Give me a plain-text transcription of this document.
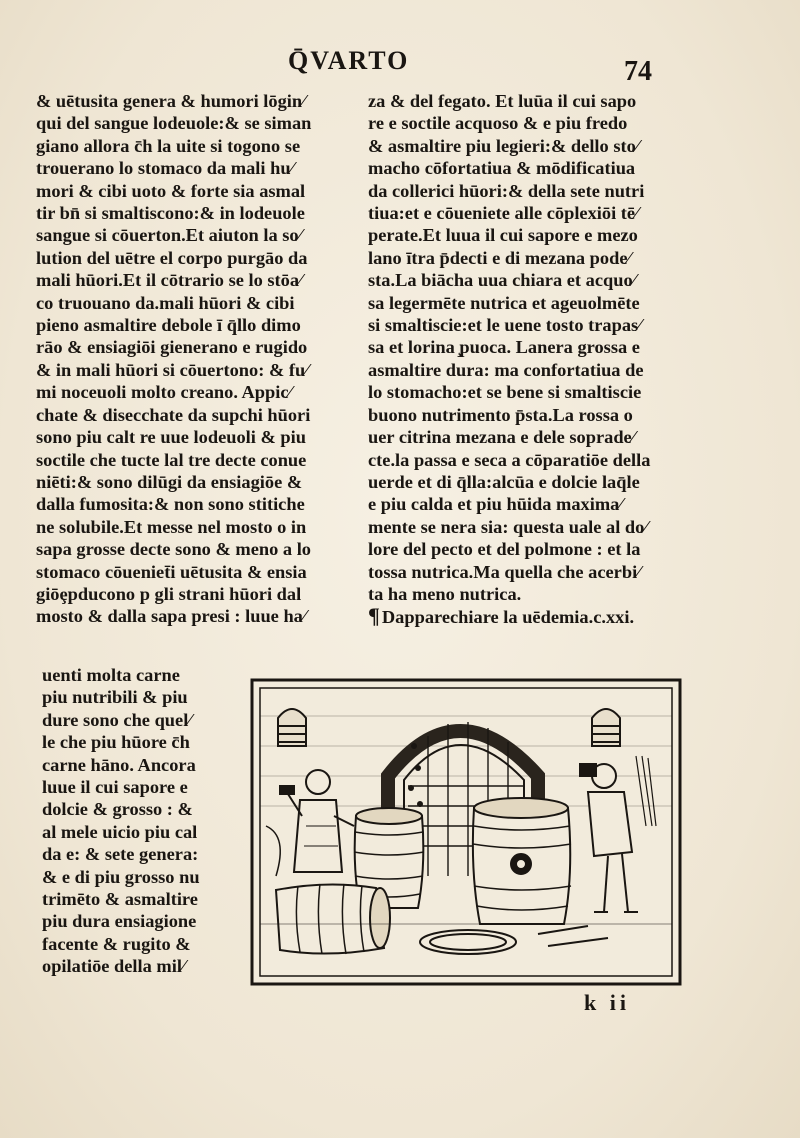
Q̄VARTO	74
& uētusita genera & humori lōgin⁄
qui del sangue lodeuole:& se siman
giano allora c̄h la uite si togono se
trouerano lo stomaco da mali hu⁄
mori & cibi uoto & forte sia asmal
tir bn̄ si smaltiscono:& in lodeuole
sangue si cōuerton.Et aiuton la so⁄
lution del uētre el corpo purgāo da
mali hūori.Et il cōtrario se lo stōa⁄
co truouano da.mali hūori & cibi
pieno asmaltire debole ī q̄llo dimo
rāo & ensiagiōi gienerano e rugido
& in mali hūori si cōuertono: & fu⁄
mi noceuoli molto creano. Appic⁄
chate & disecchate da supchi hūori
sono piu calt re uue lodeuoli & piu
soctile che tucte lal tre decte conue
niēti:& sono dilūgi da ensiagiōe &
dalla fumosita:& non sono stitiche
ne solubile.Et messe nel mosto o in
sapa grosse decte sono & meno a lo
stomaco cōueniet̄i uētusita & ensia
giōȩpducono p gli strani hūori dal
mosto & dalla sapa presi : luue ha⁄
uenti molta carne
piu nutribili & piu
dure sono che quel⁄
le che piu hūore c̄h
carne hāno. Ancora
luue il cui sapore e
dolcie & grosso : &
al mele uicio piu cal
da e: & sete genera:
& e di piu grosso nu
trimēto & asmaltire
piu dura ensiagione
facente & rugito &
opilatiōe della mil⁄
za & del fegato. Et luūa il cui sapo
re e soctile acquoso & e piu fredo
& asmaltire piu legieri:& dello sto⁄
macho cōfortatiua & mōdificatiua
da collerici hūori:& della sete nutri
tiua:et e cōueniete alle cōplexiōi tē⁄
perate.Et luua il cui sapore e mezo
lano ītra p̄decti e di mezana pode⁄
sta.La biācha uua chiara et acquo⁄
sa legermēte nutrica et ageuolmēte
si smaltiscie:et le uene tosto trapas⁄
sa et lorina ̧puoca. Lanera grossa e
asmaltire dura: ma confortatiua de
lo stomacho:et se bene si smaltiscie
buono nutrimento p̄sta.La rossa o
uer citrina mezana e dele soprade⁄
cte.la passa e seca a cōparatiōe della
uerde et di q̄lla:alcūa e dolcie laq̄le
e piu calda et piu hūida maxima⁄
mente se nera sia: questa uale al do⁄
lore del pecto et del polmone : et la
tossa nutrica.Ma quella che acerbi⁄
ta ha meno nutrica.
¶ Dapparechiare la uēdemia.c.xxi.
k ii
